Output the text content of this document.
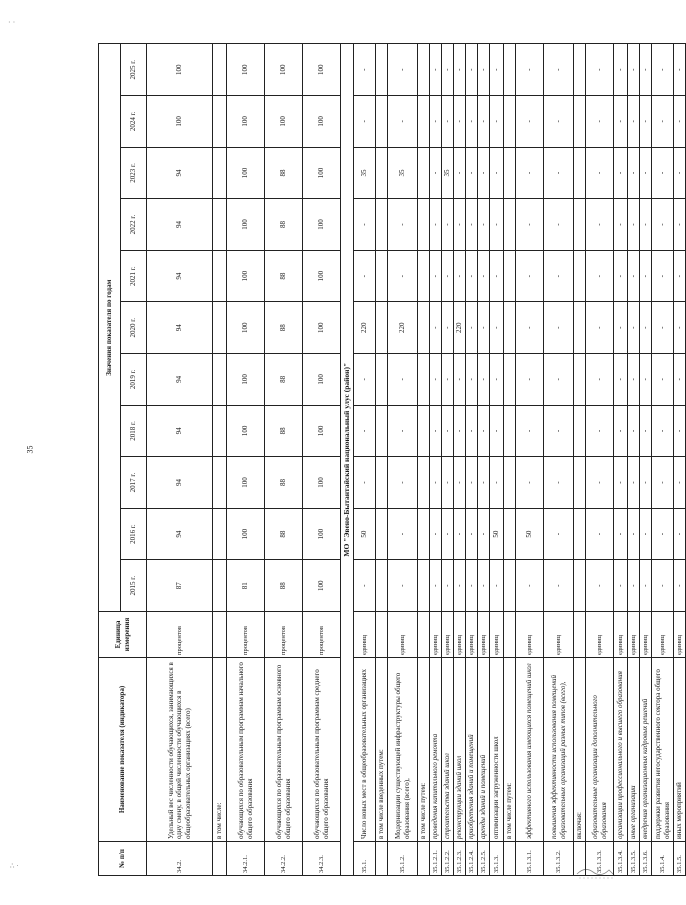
35
· ·
∴ ·	№ п/п	Наименование показателя (индикатора)	Единица измерения	Значения показателя по годам										
			2015 г.	2016 г.	2017 г.	2018 г.	2019 г.	2020 г.	2021 г.	2022 г.	2023 г.	2024 г.	2025 г.
34.2.	Удельный вес численности обучающихся, занимающихся в одну смену, в общей численности обучающихся в общеобразовательных организациях (всего)	процентов	87	94	94	94	94	94	94	94	94	100	100
	в том числе:												
34.2.1.	обучающихся по образовательным программам начального общего образования	процентов	81	100	100	100	100	100	100	100	100	100	100
34.2.2.	обучающихся по образовательным программам основного общего образования	процентов	88	88	88	88	88	88	88	88	88	100	100
34.2.3.	обучающихся по образовательным программам среднего общего образования	процентов	100	100	100	100	100	100	100	100	100	100	100
МО "Эвено-Бытантайский национальный улус (район)"													
35.1.	Число новых мест в общеобразовательных организациях	единиц	-	50	-	-	-	220	-	-	35	-	-
	в том числе введенных путем:												
35.1.2.	Модернизации существующей инфраструктуры общего образования (всего),	единиц	-	-	-	-	-	220	-	-	35	-	-
	в том числе путем:												
35.1.2.1.	проведения капитального ремонта	единиц	-	-	-	-	-	-	-	-	-	-	-
35.1.2.2.	строительства зданий школ	единиц	-	-	-	-	-	-	-	-	35	-	-
35.1.2.3.	реконструкции зданий школ	единиц	-	-	-	-	-	220	-	-	-	-	-
35.1.2.4.	приобретения зданий и помещений	единиц	-	-	-	-	-	-	-	-	-	-	-
35.1.2.5.	аренды зданий и помещений	единиц	-	-	-	-	-	-	-	-	-	-	-
35.1.3.	оптимизации загруженности школ	единиц	-	50	-	-	-	-	-	-	-	-	-
	в том числе путем:												
35.1.3.1.	эффективного использования имеющихся помещений школ	единиц	-	50	-	-	-	-	-	-	-	-	-
35.1.3.2.	повышения эффективности использования помещений образовательных организаций разных типов (всего),	единиц	-	-	-	-	-	-	-	-	-	-	-
	включая:												
35.1.3.3.	образовательные организации дополнительного образования	единиц	-	-	-	-	-	-	-	-	-	-	-
35.1.3.4.	организации профессионального и высшего образования	единиц	-	-	-	-	-	-	-	-	-	-	-
35.1.3.5.	иные организации	единиц	-	-	-	-	-	-	-	-	-	-	-
35.1.3.6.	внедрения организационных кадровых решений	единиц	-	-	-	-	-	-	-	-	-	-	-
35.1.4.	поддержки развития негосударственного сектора общего образования	единиц	-	-	-	-	-	-	-	-	-	-	-
35.1.5.	иных мероприятий	единиц	-	-	-	-	-	-	-	-	-	-	-
